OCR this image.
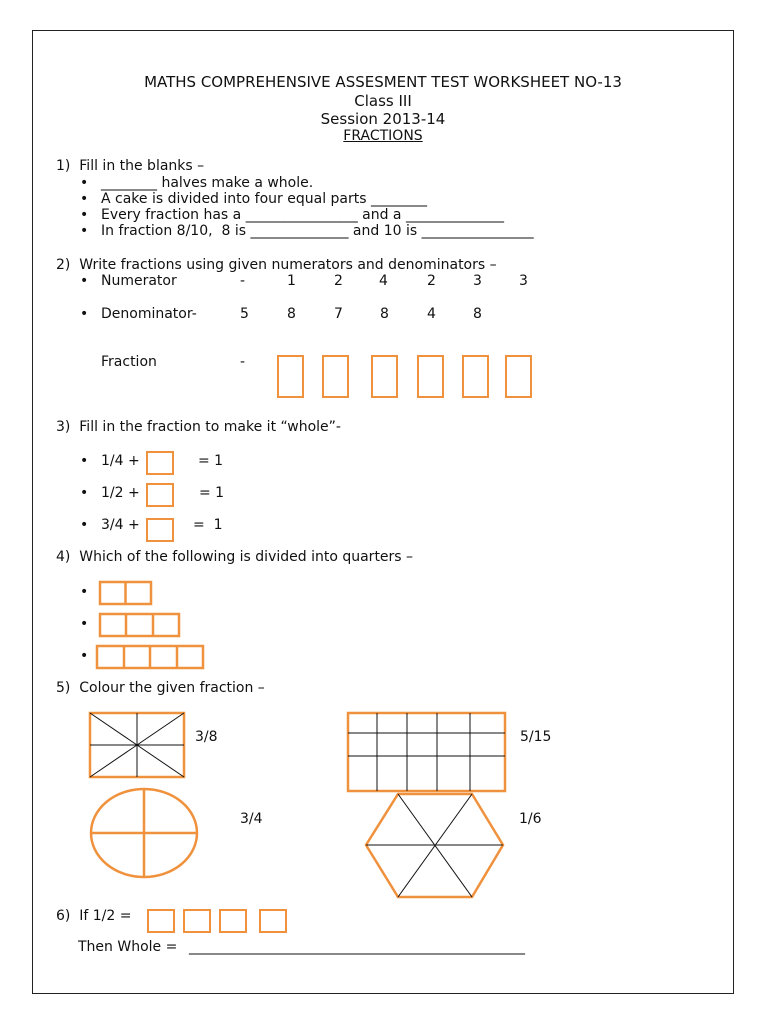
MATHS COMPREHENSIVE ASSESMENT TEST WORKSHEET NO-13
Class III
Session 2013-14
FRACTIONS
1)  Fill in the blanks –
• ________ halves make a whole.
• A cake is divided into four equal parts ________
• Every fraction has a ________________ and a ______________
• In fraction 8/10,  8 is ______________ and 10 is ________________
2)  Write fractions using given numerators and denominators –
• Numerator	-	1	2	4	2	3	3
• Denominator-	5	8	7	8	4	8
Fraction	-
3)  Fill in the fraction to make it “whole”-
• 1/4 +	= 1
• 1/2 +	= 1
• 3/4 +	=  1
4)  Which of the following is divided into quarters –
•
•
•
5)  Colour the given fraction –
3/8	5/15
3/4	1/6
6)  If 1/2 =
Then Whole = ________________________________________________
